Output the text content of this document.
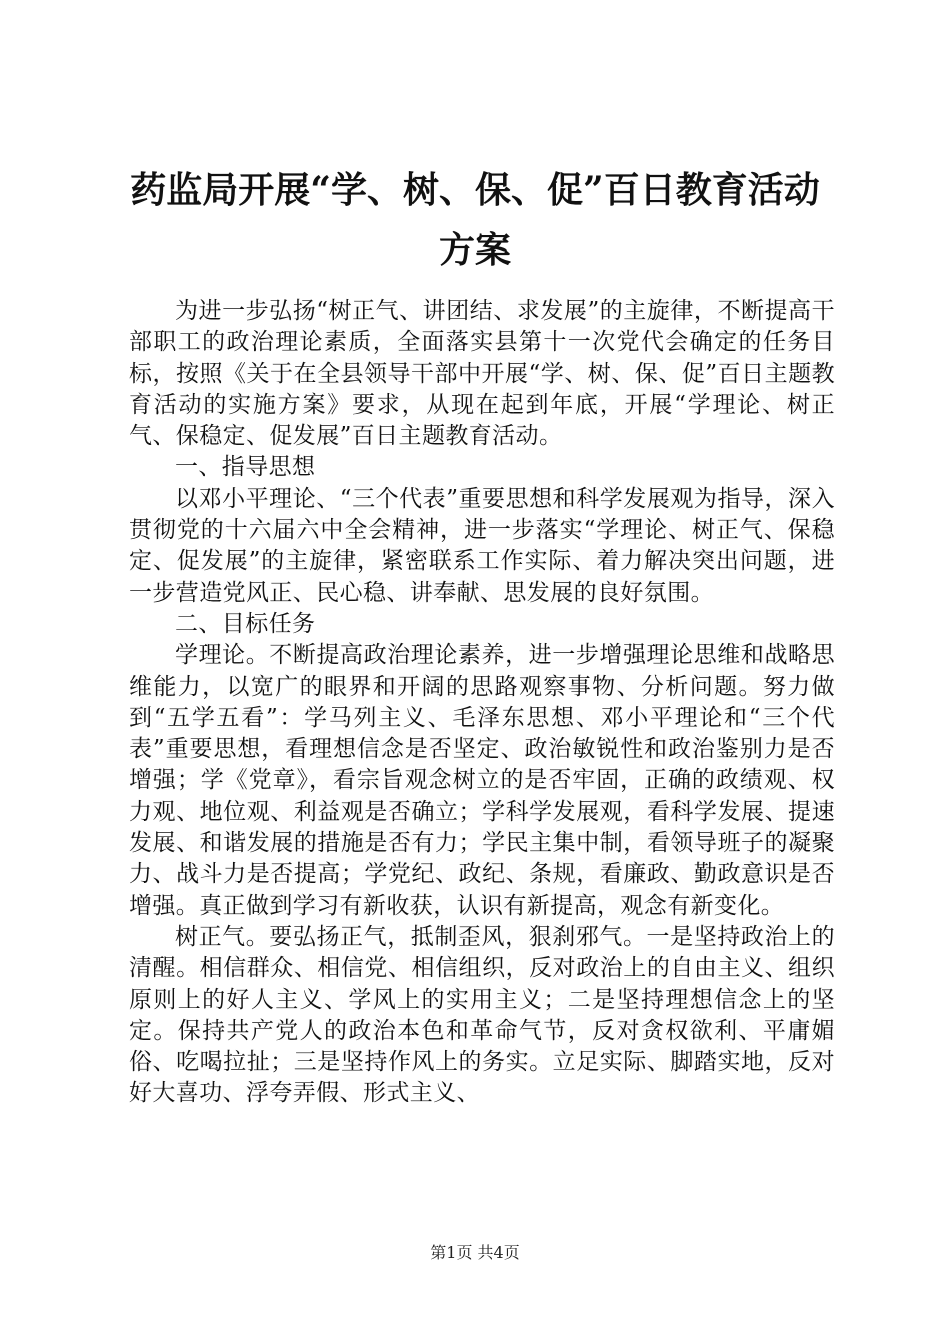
药监局开展“学、树、保、促”百日教育活动
方案

为进一步弘扬“树正气、讲团结、求发展”的主旋律，不断提高干部职工的政治理论素质，全面落实县第十一次党代会确定的任务目标，按照《关于在全县领导干部中开展“学、树、保、促”百日主题教育活动的实施方案》要求，从现在起到年底，开展“学理论、树正气、保稳定、促发展”百日主题教育活动。

一、指导思想

以邓小平理论、“三个代表”重要思想和科学发展观为指导，深入贯彻党的十六届六中全会精神，进一步落实“学理论、树正气、保稳定、促发展”的主旋律，紧密联系工作实际、着力解决突出问题，进一步营造党风正、民心稳、讲奉献、思发展的良好氛围。

二、目标任务

学理论。不断提高政治理论素养，进一步增强理论思维和战略思维能力，以宽广的眼界和开阔的思路观察事物、分析问题。努力做到“五学五看”：学马列主义、毛泽东思想、邓小平理论和“三个代表”重要思想，看理想信念是否坚定、政治敏锐性和政治鉴别力是否增强；学《党章》，看宗旨观念树立的是否牢固，正确的政绩观、权力观、地位观、利益观是否确立；学科学发展观，看科学发展、提速发展、和谐发展的措施是否有力；学民主集中制，看领导班子的凝聚力、战斗力是否提高；学党纪、政纪、条规，看廉政、勤政意识是否增强。真正做到学习有新收获，认识有新提高，观念有新变化。

树正气。要弘扬正气，抵制歪风，狠刹邪气。一是坚持政治上的清醒。相信群众、相信党、相信组织，反对政治上的自由主义、组织原则上的好人主义、学风上的实用主义；二是坚持理想信念上的坚定。保持共产党人的政治本色和革命气节，反对贪权欲利、平庸媚俗、吃喝拉扯；三是坚持作风上的务实。立足实际、脚踏实地，反对好大喜功、浮夸弄假、形式主义、

第1页 共4页
